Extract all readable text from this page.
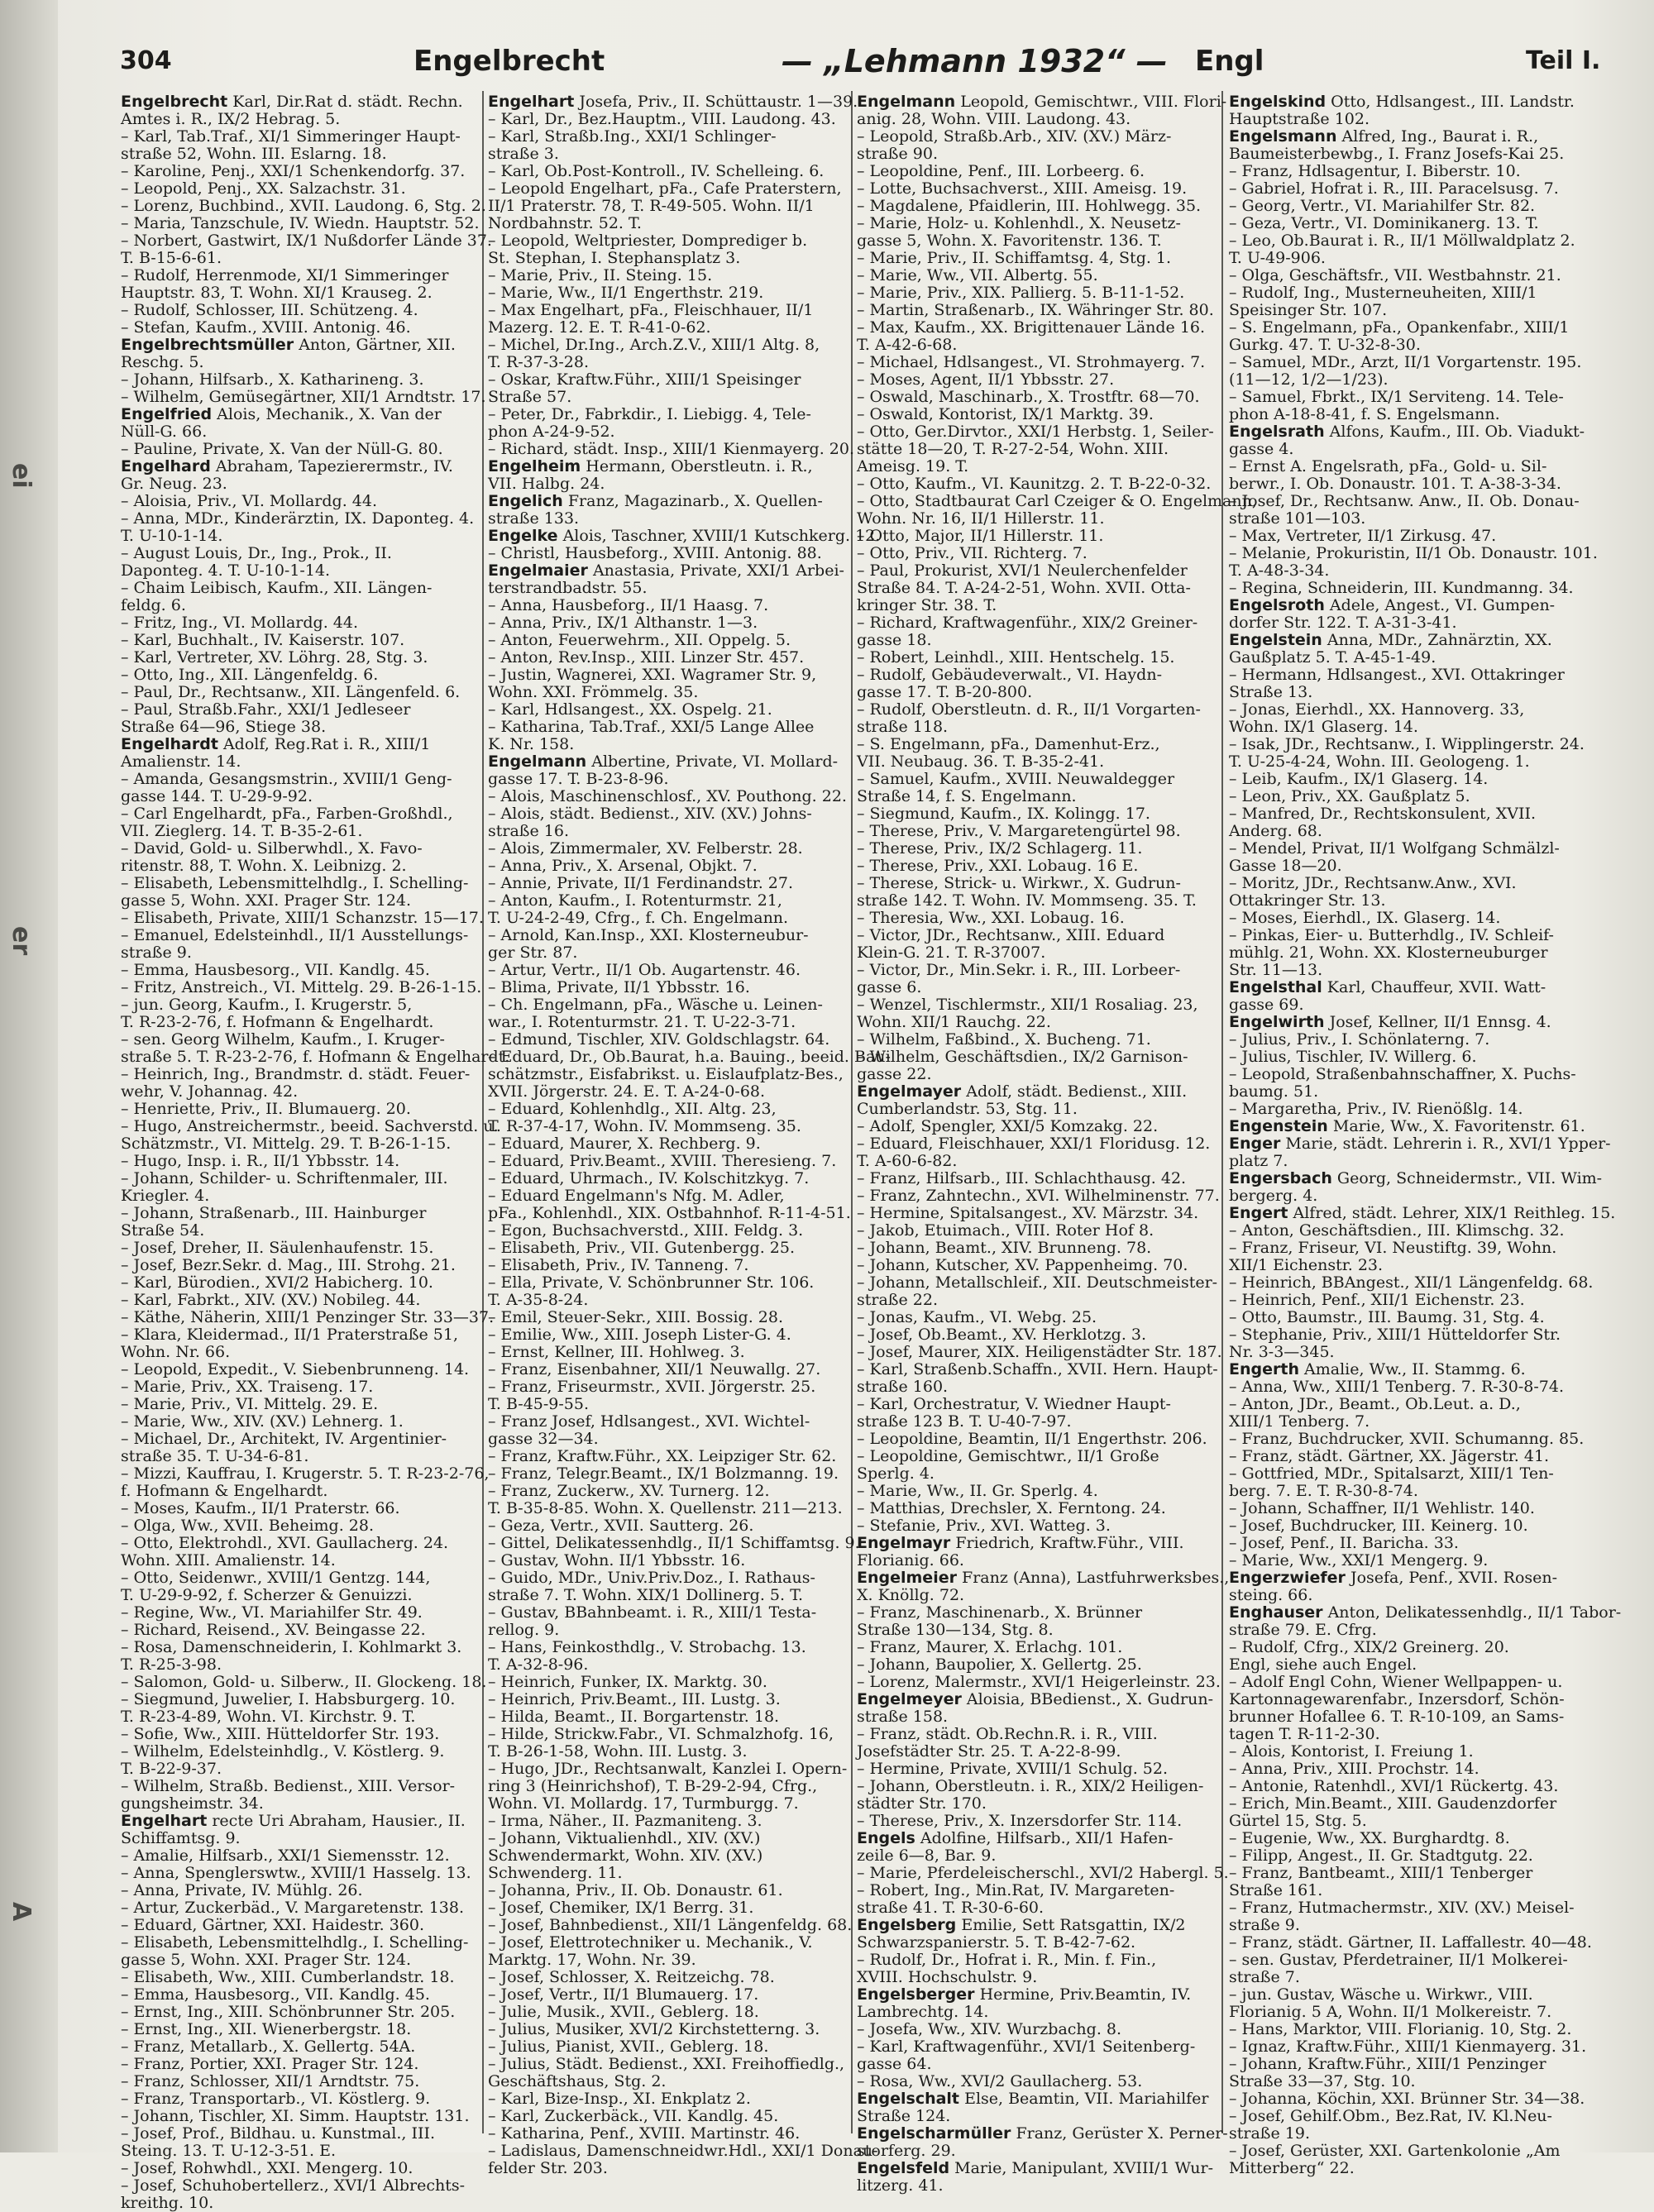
ei
er
A
304	Engelbrecht	— „Lehmann 1932“ — Engl	Teil I.
Engelbrecht Karl, Dir.Rat d. städt. Rechn.
Amtes i. R., IX/2 Hebrag. 5.
– Karl, Tab.Traf., XI/1 Simmeringer Haupt-
straße 52, Wohn. III. Eslarng. 18.
– Karoline, Penj., XXI/1 Schenkendorfg. 37.
– Leopold, Penj., XX. Salzachstr. 31.
– Lorenz, Buchbind., XVII. Laudong. 6, Stg. 2.
– Maria, Tanzschule, IV. Wiedn. Hauptstr. 52.
– Norbert, Gastwirt, IX/1 Nußdorfer Lände 37.
T. B-15-6-61.
– Rudolf, Herrenmode, XI/1 Simmeringer
Hauptstr. 83, T. Wohn. XI/1 Krauseg. 2.
– Rudolf, Schlosser, III. Schützeng. 4.
– Stefan, Kaufm., XVIII. Antonig. 46.
Engelbrechtsmüller Anton, Gärtner, XII.
Reschg. 5.
– Johann, Hilfsarb., X. Katharineng. 3.
– Wilhelm, Gemüsegärtner, XII/1 Arndtstr. 17.
Engelfried Alois, Mechanik., X. Van der
Nüll-G. 66.
– Pauline, Private, X. Van der Nüll-G. 80.
Engelhard Abraham, Tapezierermstr., IV.
Gr. Neug. 23.
– Aloisia, Priv., VI. Mollardg. 44.
– Anna, MDr., Kinderärztin, IX. Daponteg. 4.
T. U-10-1-14.
– August Louis, Dr., Ing., Prok., II.
Daponteg. 4. T. U-10-1-14.
– Chaim Leibisch, Kaufm., XII. Längen-
feldg. 6.
– Fritz, Ing., VI. Mollardg. 44.
– Karl, Buchhalt., IV. Kaiserstr. 107.
– Karl, Vertreter, XV. Löhrg. 28, Stg. 3.
– Otto, Ing., XII. Längenfeldg. 6.
– Paul, Dr., Rechtsanw., XII. Längenfeld. 6.
– Paul, Straßb.Fahr., XXI/1 Jedleseer
Straße 64—96, Stiege 38.
Engelhardt Adolf, Reg.Rat i. R., XIII/1
Amalienstr. 14.
– Amanda, Gesangsmstrin., XVIII/1 Geng-
gasse 144. T. U-29-9-92.
– Carl Engelhardt, pFa., Farben-Großhdl.,
VII. Zieglerg. 14. T. B-35-2-61.
– David, Gold- u. Silberwhdl., X. Favo-
ritenstr. 88, T. Wohn. X. Leibnizg. 2.
– Elisabeth, Lebensmittelhdlg., I. Schelling-
gasse 5, Wohn. XXI. Prager Str. 124.
– Elisabeth, Private, XIII/1 Schanzstr. 15—17.
– Emanuel, Edelsteinhdl., II/1 Ausstellungs-
straße 9.
– Emma, Hausbesorg., VII. Kandlg. 45.
– Fritz, Anstreich., VI. Mittelg. 29. B-26-1-15.
– jun. Georg, Kaufm., I. Krugerstr. 5,
T. R-23-2-76, f. Hofmann & Engelhardt.
– sen. Georg Wilhelm, Kaufm., I. Kruger-
straße 5. T. R-23-2-76, f. Hofmann & Engelhardt.
– Heinrich, Ing., Brandmstr. d. städt. Feuer-
wehr, V. Johannag. 42.
– Henriette, Priv., II. Blumauerg. 20.
– Hugo, Anstreichermstr., beeid. Sachverstd. u.
Schätzmstr., VI. Mittelg. 29. T. B-26-1-15.
– Hugo, Insp. i. R., II/1 Ybbsstr. 14.
– Johann, Schilder- u. Schriftenmaler, III.
Kriegler. 4.
– Johann, Straßenarb., III. Hainburger
Straße 54.
– Josef, Dreher, II. Säulenhaufenstr. 15.
– Josef, Bezr.Sekr. d. Mag., III. Strohg. 21.
– Karl, Bürodien., XVI/2 Habicherg. 10.
– Karl, Fabrkt., XIV. (XV.) Nobileg. 44.
– Käthe, Näherin, XIII/1 Penzinger Str. 33—37.
– Klara, Kleidermad., II/1 Praterstraße 51,
Wohn. Nr. 66.
– Leopold, Expedit., V. Siebenbrunneng. 14.
– Marie, Priv., XX. Traiseng. 17.
– Marie, Priv., VI. Mittelg. 29. E.
– Marie, Ww., XIV. (XV.) Lehnerg. 1.
– Michael, Dr., Architekt, IV. Argentinier-
straße 35. T. U-34-6-81.
– Mizzi, Kauffrau, I. Krugerstr. 5. T. R-23-2-76,
f. Hofmann & Engelhardt.
– Moses, Kaufm., II/1 Praterstr. 66.
– Olga, Ww., XVII. Beheimg. 28.
– Otto, Elektrohdl., XVI. Gaullacherg. 24.
Wohn. XIII. Amalienstr. 14.
– Otto, Seidenwr., XVIII/1 Gentzg. 144,
T. U-29-9-92, f. Scherzer & Genuizzi.
– Regine, Ww., VI. Mariahilfer Str. 49.
– Richard, Reisend., XV. Beingasse 22.
– Rosa, Damenschneiderin, I. Kohlmarkt 3.
T. R-25-3-98.
– Salomon, Gold- u. Silberw., II. Glockeng. 18.
– Siegmund, Juwelier, I. Habsburgerg. 10.
T. R-23-4-89, Wohn. VI. Kirchstr. 9. T.
– Sofie, Ww., XIII. Hütteldorfer Str. 193.
– Wilhelm, Edelsteinhdlg., V. Köstlerg. 9.
T. B-22-9-37.
– Wilhelm, Straßb. Bedienst., XIII. Versor-
gungsheimstr. 34.
Engelhart recte Uri Abraham, Hausier., II.
Schiffamtsg. 9.
– Amalie, Hilfsarb., XXI/1 Siemensstr. 12.
– Anna, Spenglerswtw., XVIII/1 Hasselg. 13.
– Anna, Private, IV. Mühlg. 26.
– Artur, Zuckerbäd., V. Margaretenstr. 138.
– Eduard, Gärtner, XXI. Haidestr. 360.
– Elisabeth, Lebensmittelhdlg., I. Schelling-
gasse 5, Wohn. XXI. Prager Str. 124.
– Elisabeth, Ww., XIII. Cumberlandstr. 18.
– Emma, Hausbesorg., VII. Kandlg. 45.
– Ernst, Ing., XIII. Schönbrunner Str. 205.
– Ernst, Ing., XII. Wienerbergstr. 18.
– Franz, Metallarb., X. Gellertg. 54A.
– Franz, Portier, XXI. Prager Str. 124.
– Franz, Schlosser, XII/1 Arndtstr. 75.
– Franz, Transportarb., VI. Köstlerg. 9.
– Johann, Tischler, XI. Simm. Hauptstr. 131.
– Josef, Prof., Bildhau. u. Kunstmal., III.
Steing. 13. T. U-12-3-51. E.
– Josef, Rohwhdl., XXI. Mengerg. 10.
– Josef, Schuhobertellerz., XVI/1 Albrechts-
kreithg. 10.
Engelhart Josefa, Priv., II. Schüttaustr. 1—39.
– Karl, Dr., Bez.Hauptm., VIII. Laudong. 43.
– Karl, Straßb.Ing., XXI/1 Schlinger-
straße 3.
– Karl, Ob.Post-Kontroll., IV. Schelleing. 6.
– Leopold Engelhart, pFa., Cafe Praterstern,
II/1 Praterstr. 78, T. R-49-505. Wohn. II/1
Nordbahnstr. 52. T.
– Leopold, Weltpriester, Domprediger b.
St. Stephan, I. Stephansplatz 3.
– Marie, Priv., II. Steing. 15.
– Marie, Ww., II/1 Engerthstr. 219.
– Max Engelhart, pFa., Fleischhauer, II/1
Mazerg. 12. E. T. R-41-0-62.
– Michel, Dr.Ing., Arch.Z.V., XIII/1 Altg. 8,
T. R-37-3-28.
– Oskar, Kraftw.Führ., XIII/1 Speisinger
Straße 57.
– Peter, Dr., Fabrkdir., I. Liebigg. 4, Tele-
phon A-24-9-52.
– Richard, städt. Insp., XIII/1 Kienmayerg. 20.
Engelheim Hermann, Oberstleutn. i. R.,
VII. Halbg. 24.
Engelich Franz, Magazinarb., X. Quellen-
straße 133.
Engelke Alois, Taschner, XVIII/1 Kutschkerg. 12.
– Christl, Hausbeforg., XVIII. Antonig. 88.
Engelmaier Anastasia, Private, XXI/1 Arbei-
terstrandbadstr. 55.
– Anna, Hausbeforg., II/1 Haasg. 7.
– Anna, Priv., IX/1 Althanstr. 1—3.
– Anton, Feuerwehrm., XII. Oppelg. 5.
– Anton, Rev.Insp., XIII. Linzer Str. 457.
– Justin, Wagnerei, XXI. Wagramer Str. 9,
Wohn. XXI. Frömmelg. 35.
– Karl, Hdlsangest., XX. Ospelg. 21.
– Katharina, Tab.Traf., XXI/5 Lange Allee
K. Nr. 158.
Engelmann Albertine, Private, VI. Mollard-
gasse 17. T. B-23-8-96.
– Alois, Maschinenschlosf., XV. Pouthong. 22.
– Alois, städt. Bedienst., XIV. (XV.) Johns-
straße 16.
– Alois, Zimmermaler, XV. Felberstr. 28.
– Anna, Priv., X. Arsenal, Objkt. 7.
– Annie, Private, II/1 Ferdinandstr. 27.
– Anton, Kaufm., I. Rotenturmstr. 21,
T. U-24-2-49, Cfrg., f. Ch. Engelmann.
– Arnold, Kan.Insp., XXI. Klosterneubur-
ger Str. 87.
– Artur, Vertr., II/1 Ob. Augartenstr. 46.
– Blima, Private, II/1 Ybbsstr. 16.
– Ch. Engelmann, pFa., Wäsche u. Leinen-
war., I. Rotenturmstr. 21. T. U-22-3-71.
– Edmund, Tischler, XIV. Goldschlagstr. 64.
– Eduard, Dr., Ob.Baurat, h.a. Bauing., beeid. Bau-
schätzmstr., Eisfabrikst. u. Eislaufplatz-Bes.,
XVII. Jörgerstr. 24. E. T. A-24-0-68.
– Eduard, Kohlenhdlg., XII. Altg. 23,
T. R-37-4-17, Wohn. IV. Mommseng. 35.
– Eduard, Maurer, X. Rechberg. 9.
– Eduard, Priv.Beamt., XVIII. Theresieng. 7.
– Eduard, Uhrmach., IV. Kolschitzkyg. 7.
– Eduard Engelmann's Nfg. M. Adler,
pFa., Kohlenhdl., XIX. Ostbahnhof. R-11-4-51.
– Egon, Buchsachverstd., XIII. Feldg. 3.
– Elisabeth, Priv., VII. Gutenbergg. 25.
– Elisabeth, Priv., IV. Tanneng. 7.
– Ella, Private, V. Schönbrunner Str. 106.
T. A-35-8-24.
– Emil, Steuer-Sekr., XIII. Bossig. 28.
– Emilie, Ww., XIII. Joseph Lister-G. 4.
– Ernst, Kellner, III. Hohlweg. 3.
– Franz, Eisenbahner, XII/1 Neuwallg. 27.
– Franz, Friseurmstr., XVII. Jörgerstr. 25.
T. B-45-9-55.
– Franz Josef, Hdlsangest., XVI. Wichtel-
gasse 32—34.
– Franz, Kraftw.Führ., XX. Leipziger Str. 62.
– Franz, Telegr.Beamt., IX/1 Bolzmanng. 19.
– Franz, Zuckerw., XV. Turnerg. 12.
T. B-35-8-85. Wohn. X. Quellenstr. 211—213.
– Geza, Vertr., XVII. Sautterg. 26.
– Gittel, Delikatessenhdlg., II/1 Schiffamtsg. 9.
– Gustav, Wohn. II/1 Ybbsstr. 16.
– Guido, MDr., Univ.Priv.Doz., I. Rathaus-
straße 7. T. Wohn. XIX/1 Dollinerg. 5. T.
– Gustav, BBahnbeamt. i. R., XIII/1 Testa-
rellog. 9.
– Hans, Feinkosthdlg., V. Strobachg. 13.
T. A-32-8-96.
– Heinrich, Funker, IX. Marktg. 30.
– Heinrich, Priv.Beamt., III. Lustg. 3.
– Hilda, Beamt., II. Borgartenstr. 18.
– Hilde, Strickw.Fabr., VI. Schmalzhofg. 16,
T. B-26-1-58, Wohn. III. Lustg. 3.
– Hugo, JDr., Rechtsanwalt, Kanzlei I. Opern-
ring 3 (Heinrichshof), T. B-29-2-94, Cfrg.,
Wohn. VI. Mollardg. 17, Turmburgg. 7.
– Irma, Näher., II. Pazmaniteng. 3.
– Johann, Viktualienhdl., XIV. (XV.)
Schwendermarkt, Wohn. XIV. (XV.)
Schwenderg. 11.
– Johanna, Priv., II. Ob. Donaustr. 61.
– Josef, Chemiker, IX/1 Berrg. 31.
– Josef, Bahnbedienst., XII/1 Längenfeldg. 68.
– Josef, Elettrotechniker u. Mechanik., V.
Marktg. 17, Wohn. Nr. 39.
– Josef, Schlosser, X. Reitzeichg. 78.
– Josef, Vertr., II/1 Blumauerg. 17.
– Julie, Musik., XVII., Geblerg. 18.
– Julius, Musiker, XVI/2 Kirchstetterng. 3.
– Julius, Pianist, XVII., Geblerg. 18.
– Julius, Städt. Bedienst., XXI. Freihoffiedlg.,
Geschäftshaus, Stg. 2.
– Karl, Bize-Insp., XI. Enkplatz 2.
– Karl, Zuckerbäck., VII. Kandlg. 45.
– Katharina, Penf., XVIII. Martinstr. 46.
– Ladislaus, Damenschneidwr.Hdl., XXI/1 Donau-
felder Str. 203.
Engelmann Leopold, Gemischtwr., VIII. Flori-
anig. 28, Wohn. VIII. Laudong. 43.
– Leopold, Straßb.Arb., XIV. (XV.) März-
straße 90.
– Leopoldine, Penf., III. Lorbeerg. 6.
– Lotte, Buchsachverst., XIII. Ameisg. 19.
– Magdalene, Pfaidlerin, III. Hohlwegg. 35.
– Marie, Holz- u. Kohlenhdl., X. Neusetz-
gasse 5, Wohn. X. Favoritenstr. 136. T.
– Marie, Priv., II. Schiffamtsg. 4, Stg. 1.
– Marie, Ww., VII. Albertg. 55.
– Marie, Priv., XIX. Pallierg. 5. B-11-1-52.
– Martin, Straßenarb., IX. Währinger Str. 80.
– Max, Kaufm., XX. Brigittenauer Lände 16.
T. A-42-6-68.
– Michael, Hdlsangest., VI. Strohmayerg. 7.
– Moses, Agent, II/1 Ybbsstr. 27.
– Oswald, Maschinarb., X. Trostftr. 68—70.
– Oswald, Kontorist, IX/1 Marktg. 39.
– Otto, Ger.Dirvtor., XXI/1 Herbstg. 1, Seiler-
stätte 18—20, T. R-27-2-54, Wohn. XIII.
Ameisg. 19. T.
– Otto, Kaufm., VI. Kaunitzg. 2. T. B-22-0-32.
– Otto, Stadtbaurat Carl Czeiger & O. Engelmann,
Wohn. Nr. 16, II/1 Hillerstr. 11.
– Otto, Major, II/1 Hillerstr. 11.
– Otto, Priv., VII. Richterg. 7.
– Paul, Prokurist, XVI/1 Neulerchenfelder
Straße 84. T. A-24-2-51, Wohn. XVII. Otta-
kringer Str. 38. T.
– Richard, Kraftwagenführ., XIX/2 Greiner-
gasse 18.
– Robert, Leinhdl., XIII. Hentschelg. 15.
– Rudolf, Gebäudeverwalt., VI. Haydn-
gasse 17. T. B-20-800.
– Rudolf, Oberstleutn. d. R., II/1 Vorgarten-
straße 118.
– S. Engelmann, pFa., Damenhut-Erz.,
VII. Neubaug. 36. T. B-35-2-41.
– Samuel, Kaufm., XVIII. Neuwaldegger
Straße 14, f. S. Engelmann.
– Siegmund, Kaufm., IX. Kolingg. 17.
– Therese, Priv., V. Margaretengürtel 98.
– Therese, Priv., IX/2 Schlagerg. 11.
– Therese, Priv., XXI. Lobaug. 16 E.
– Therese, Strick- u. Wirkwr., X. Gudrun-
straße 142. T. Wohn. IV. Mommseng. 35. T.
– Theresia, Ww., XXI. Lobaug. 16.
– Victor, JDr., Rechtsanw., XIII. Eduard
Klein-G. 21. T. R-37007.
– Victor, Dr., Min.Sekr. i. R., III. Lorbeer-
gasse 6.
– Wenzel, Tischlermstr., XII/1 Rosaliag. 23,
Wohn. XII/1 Rauchg. 22.
– Wilhelm, Faßbind., X. Bucheng. 71.
– Wilhelm, Geschäftsdien., IX/2 Garnison-
gasse 22.
Engelmayer Adolf, städt. Bedienst., XIII.
Cumberlandstr. 53, Stg. 11.
– Adolf, Spengler, XXI/5 Komzakg. 22.
– Eduard, Fleischhauer, XXI/1 Floridusg. 12.
T. A-60-6-82.
– Franz, Hilfsarb., III. Schlachthausg. 42.
– Franz, Zahntechn., XVI. Wilhelminenstr. 77.
– Hermine, Spitalsangest., XV. Märzstr. 34.
– Jakob, Etuimach., VIII. Roter Hof 8.
– Johann, Beamt., XIV. Brunneng. 78.
– Johann, Kutscher, XV. Pappenheimg. 70.
– Johann, Metallschleif., XII. Deutschmeister-
straße 22.
– Jonas, Kaufm., VI. Webg. 25.
– Josef, Ob.Beamt., XV. Herklotzg. 3.
– Josef, Maurer, XIX. Heiligenstädter Str. 187.
– Karl, Straßenb.Schaffn., XVII. Hern. Haupt-
straße 160.
– Karl, Orchestratur, V. Wiedner Haupt-
straße 123 B. T. U-40-7-97.
– Leopoldine, Beamtin, II/1 Engerthstr. 206.
– Leopoldine, Gemischtwr., II/1 Große
Sperlg. 4.
– Marie, Ww., II. Gr. Sperlg. 4.
– Matthias, Drechsler, X. Ferntong. 24.
– Stefanie, Priv., XVI. Watteg. 3.
Engelmayr Friedrich, Kraftw.Führ., VIII.
Florianig. 66.
Engelmeier Franz (Anna), Lastfuhrwerksbes.,
X. Knöllg. 72.
– Franz, Maschinenarb., X. Brünner
Straße 130—134, Stg. 8.
– Franz, Maurer, X. Erlachg. 101.
– Johann, Baupolier, X. Gellertg. 25.
– Lorenz, Malermstr., XVI/1 Heigerleinstr. 23.
Engelmeyer Aloisia, BBedienst., X. Gudrun-
straße 158.
– Franz, städt. Ob.Rechn.R. i. R., VIII.
Josefstädter Str. 25. T. A-22-8-99.
– Hermine, Private, XVIII/1 Schulg. 52.
– Johann, Oberstleutn. i. R., XIX/2 Heiligen-
städter Str. 170.
– Therese, Priv., X. Inzersdorfer Str. 114.
Engels Adolfine, Hilfsarb., XII/1 Hafen-
zeile 6—8, Bar. 9.
– Marie, Pferdeleischerschl., XVI/2 Habergl. 5.
– Robert, Ing., Min.Rat, IV. Margareten-
straße 41. T. R-30-6-60.
Engelsberg Emilie, Sett Ratsgattin, IX/2
Schwarzspanierstr. 5. T. B-42-7-62.
– Rudolf, Dr., Hofrat i. R., Min. f. Fin.,
XVIII. Hochschulstr. 9.
Engelsberger Hermine, Priv.Beamtin, IV.
Lambrechtg. 14.
– Josefa, Ww., XIV. Wurzbachg. 8.
– Karl, Kraftwagenführ., XVI/1 Seitenberg-
gasse 64.
– Rosa, Ww., XVI/2 Gaullacherg. 53.
Engelschalt Else, Beamtin, VII. Mariahilfer
Straße 124.
Engelscharmüller Franz, Gerüster X. Perner-
storferg. 29.
Engelsfeld Marie, Manipulant, XVIII/1 Wur-
litzerg. 41.
Engelskind Otto, Hdlsangest., III. Landstr.
Hauptstraße 102.
Engelsmann Alfred, Ing., Baurat i. R.,
Baumeisterbewbg., I. Franz Josefs-Kai 25.
– Franz, Hdlsagentur, I. Biberstr. 10.
– Gabriel, Hofrat i. R., III. Paracelsusg. 7.
– Georg, Vertr., VI. Mariahilfer Str. 82.
– Geza, Vertr., VI. Dominikanerg. 13. T.
– Leo, Ob.Baurat i. R., II/1 Möllwaldplatz 2.
T. U-49-906.
– Olga, Geschäftsfr., VII. Westbahnstr. 21.
– Rudolf, Ing., Musterneuheiten, XIII/1
Speisinger Str. 107.
– S. Engelmann, pFa., Opankenfabr., XIII/1
Gurkg. 47. T. U-32-8-30.
– Samuel, MDr., Arzt, II/1 Vorgartenstr. 195.
(11—12, 1/2—1/23).
– Samuel, Fbrkt., IX/1 Serviteng. 14. Tele-
phon A-18-8-41, f. S. Engelsmann.
Engelsrath Alfons, Kaufm., III. Ob. Viadukt-
gasse 4.
– Ernst A. Engelsrath, pFa., Gold- u. Sil-
berwr., I. Ob. Donaustr. 101. T. A-38-3-34.
– Josef, Dr., Rechtsanw. Anw., II. Ob. Donau-
straße 101—103.
– Max, Vertreter, II/1 Zirkusg. 47.
– Melanie, Prokuristin, II/1 Ob. Donaustr. 101.
T. A-48-3-34.
– Regina, Schneiderin, III. Kundmanng. 34.
Engelsroth Adele, Angest., VI. Gumpen-
dorfer Str. 122. T. A-31-3-41.
Engelstein Anna, MDr., Zahnärztin, XX.
Gaußplatz 5. T. A-45-1-49.
– Hermann, Hdlsangest., XVI. Ottakringer
Straße 13.
– Jonas, Eierhdl., XX. Hannoverg. 33,
Wohn. IX/1 Glaserg. 14.
– Isak, JDr., Rechtsanw., I. Wipplingerstr. 24.
T. U-25-4-24, Wohn. III. Geologeng. 1.
– Leib, Kaufm., IX/1 Glaserg. 14.
– Leon, Priv., XX. Gaußplatz 5.
– Manfred, Dr., Rechtskonsulent, XVII.
Anderg. 68.
– Mendel, Privat, II/1 Wolfgang Schmälzl-
Gasse 18—20.
– Moritz, JDr., Rechtsanw.Anw., XVI.
Ottakringer Str. 13.
– Moses, Eierhdl., IX. Glaserg. 14.
– Pinkas, Eier- u. Butterhdlg., IV. Schleif-
mühlg. 21, Wohn. XX. Klosterneuburger
Str. 11—13.
Engelsthal Karl, Chauffeur, XVII. Watt-
gasse 69.
Engelwirth Josef, Kellner, II/1 Ennsg. 4.
– Julius, Priv., I. Schönlaterng. 7.
– Julius, Tischler, IV. Willerg. 6.
– Leopold, Straßenbahnschaffner, X. Puchs-
baumg. 51.
– Margaretha, Priv., IV. Rienößlg. 14.
Engenstein Marie, Ww., X. Favoritenstr. 61.
Enger Marie, städt. Lehrerin i. R., XVI/1 Ypper-
platz 7.
Engersbach Georg, Schneidermstr., VII. Wim-
bergerg. 4.
Engert Alfred, städt. Lehrer, XIX/1 Reithleg. 15.
– Anton, Geschäftsdien., III. Klimschg. 32.
– Franz, Friseur, VI. Neustiftg. 39, Wohn.
XII/1 Eichenstr. 23.
– Heinrich, BBAngest., XII/1 Längenfeldg. 68.
– Heinrich, Penf., XII/1 Eichenstr. 23.
– Otto, Baumstr., III. Baumg. 31, Stg. 4.
– Stephanie, Priv., XIII/1 Hütteldorfer Str.
Nr. 3-3—345.
Engerth Amalie, Ww., II. Stammg. 6.
– Anna, Ww., XIII/1 Tenberg. 7. R-30-8-74.
– Anton, JDr., Beamt., Ob.Leut. a. D.,
XIII/1 Tenberg. 7.
– Franz, Buchdrucker, XVII. Schumanng. 85.
– Franz, städt. Gärtner, XX. Jägerstr. 41.
– Gottfried, MDr., Spitalsarzt, XIII/1 Ten-
berg. 7. E. T. R-30-8-74.
– Johann, Schaffner, II/1 Wehlistr. 140.
– Josef, Buchdrucker, III. Keinerg. 10.
– Josef, Penf., II. Baricha. 33.
– Marie, Ww., XXI/1 Mengerg. 9.
Engerzwiefer Josefa, Penf., XVII. Rosen-
steing. 66.
Enghauser Anton, Delikatessenhdlg., II/1 Tabor-
straße 79. E. Cfrg.
– Rudolf, Cfrg., XIX/2 Greinerg. 20.
Engl, siehe auch Engel.
– Adolf Engl Cohn, Wiener Wellpappen- u.
Kartonnagewarenfabr., Inzersdorf, Schön-
brunner Hofallee 6. T. R-10-109, an Sams-
tagen T. R-11-2-30.
– Alois, Kontorist, I. Freiung 1.
– Anna, Priv., XIII. Prochstr. 14.
– Antonie, Ratenhdl., XVI/1 Rückertg. 43.
– Erich, Min.Beamt., XIII. Gaudenzdorfer
Gürtel 15, Stg. 5.
– Eugenie, Ww., XX. Burghardtg. 8.
– Filipp, Angest., II. Gr. Stadtgutg. 22.
– Franz, Bantbeamt., XIII/1 Tenberger
Straße 161.
– Franz, Hutmachermstr., XIV. (XV.) Meisel-
straße 9.
– Franz, städt. Gärtner, II. Laffallestr. 40—48.
– sen. Gustav, Pferdetrainer, II/1 Molkerei-
straße 7.
– jun. Gustav, Wäsche u. Wirkwr., VIII.
Florianig. 5 A, Wohn. II/1 Molkereistr. 7.
– Hans, Marktor, VIII. Florianig. 10, Stg. 2.
– Ignaz, Kraftw.Führ., XIII/1 Kienmayerg. 31.
– Johann, Kraftw.Führ., XIII/1 Penzinger
Straße 33—37, Stg. 10.
– Johanna, Köchin, XXI. Brünner Str. 34—38.
– Josef, Gehilf.Obm., Bez.Rat, IV. Kl.Neu-
straße 19.
– Josef, Gerüster, XXI. Gartenkolonie „Am
Mitterberg“ 22.
